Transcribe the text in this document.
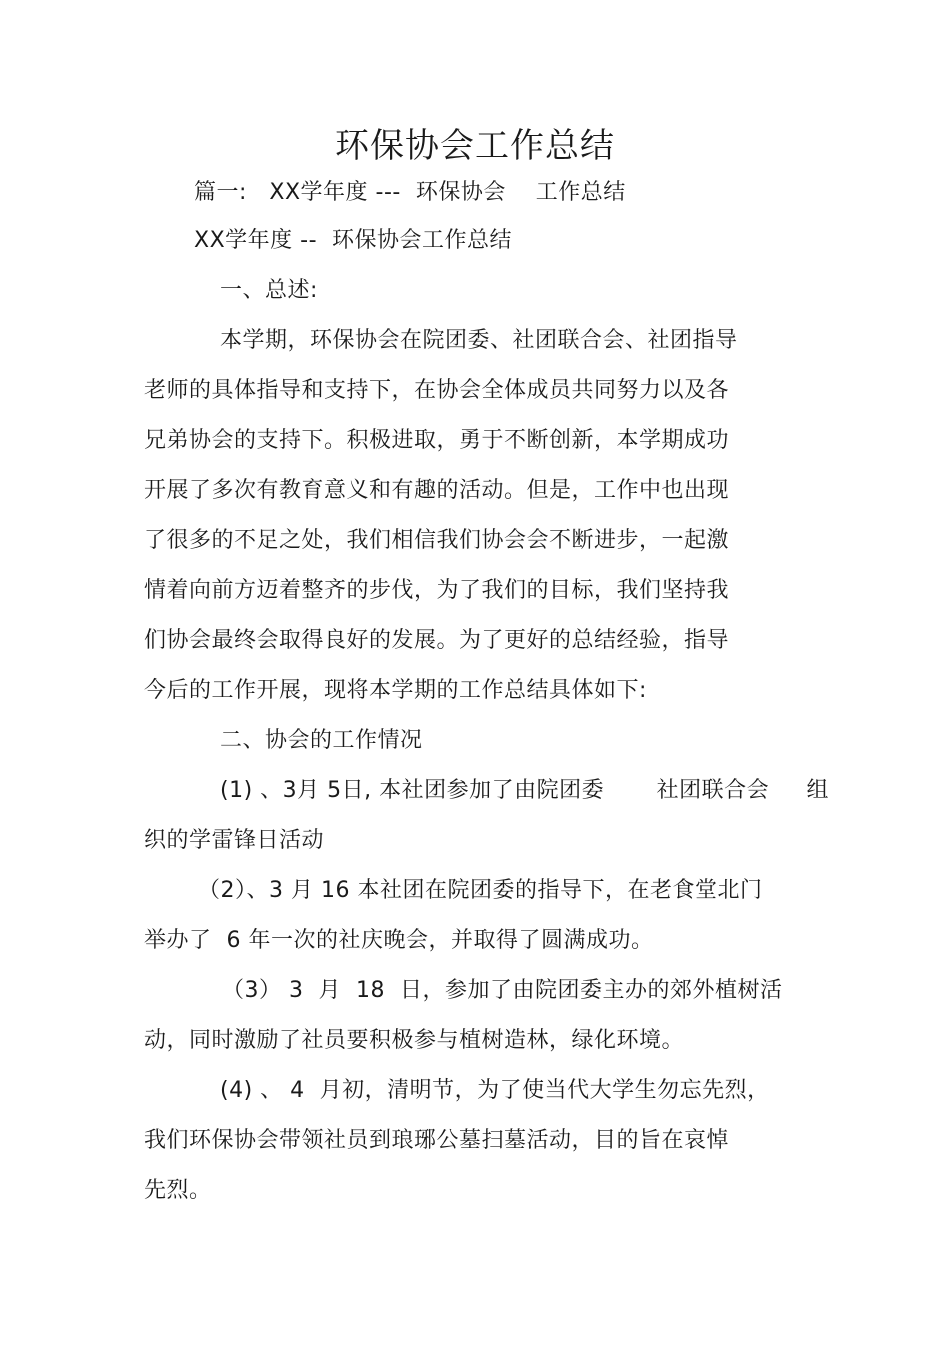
环保协会工作总结
篇一:   XX学年度 ---  环保协会    工作总结
XX学年度 --  环保协会工作总结
一、总述:
本学期，环保协会在院团委、社团联合会、社团指导
老师的具体指导和支持下，在协会全体成员共同努力以及各
兄弟协会的支持下。积极进取，勇于不断创新，本学期成功
开展了多次有教育意义和有趣的活动。但是，工作中也出现
了很多的不足之处，我们相信我们协会会不断进步，一起激
情着向前方迈着整齐的步伐，为了我们的目标，我们坚持我
们协会最终会取得良好的发展。为了更好的总结经验，指导
今后的工作开展，现将本学期的工作总结具体如下:
二、协会的工作情况
(1) 、3月 5日, 本社团参加了由院团委       社团联合会     组
织的学雷锋日活动
（2）、3 月 16 本社团在院团委的指导下，在老食堂北门
举办了  6 年一次的社庆晚会，并取得了圆满成功。
（3） 3  月  18  日，参加了由院团委主办的郊外植树活
动，同时激励了社员要积极参与植树造林，绿化环境。
(4) 、 4  月初，清明节，为了使当代大学生勿忘先烈，
我们环保协会带领社员到琅琊公墓扫墓活动，目的旨在哀悼
先烈。
